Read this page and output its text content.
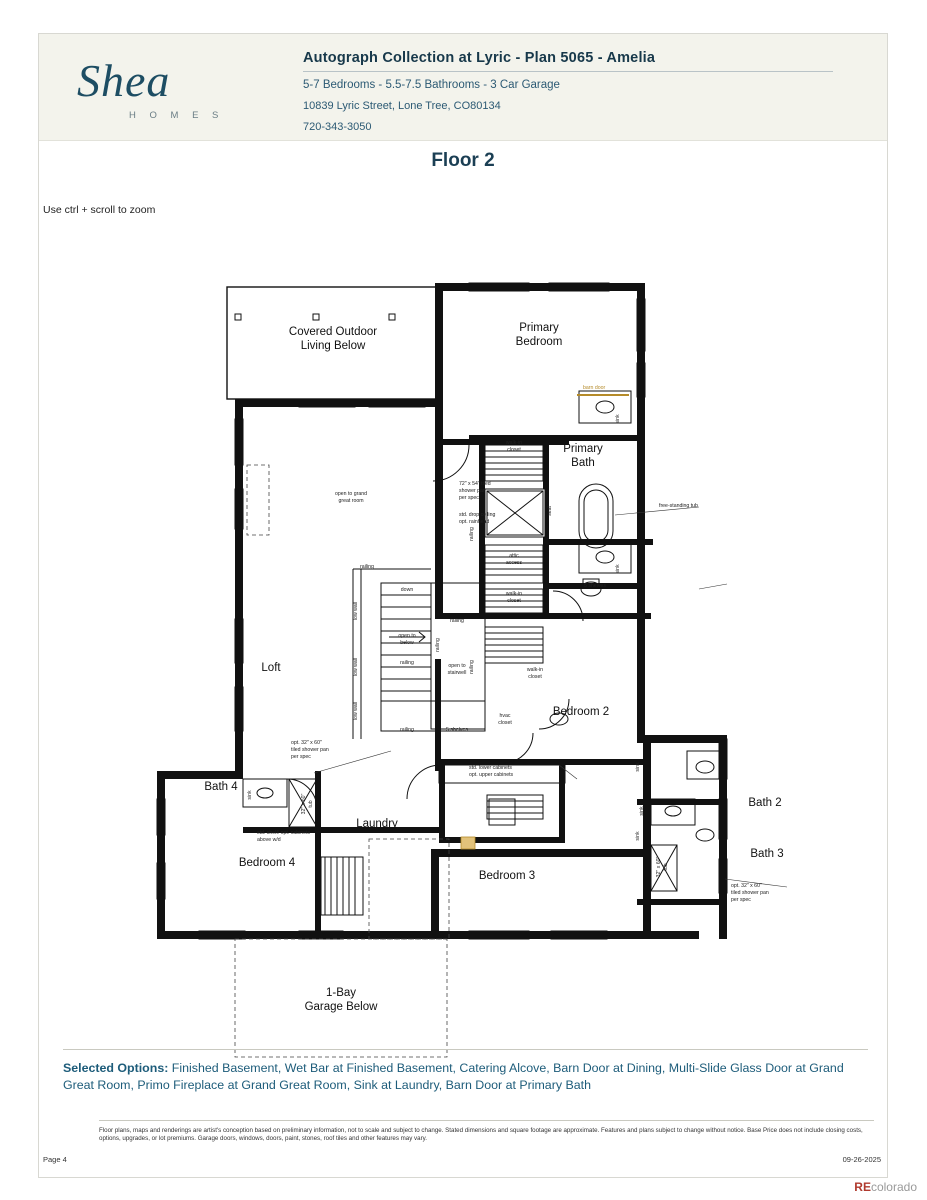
Shea
H O M E S
Autograph Collection at Lyric - Plan 5065 - Amelia
5-7 Bedrooms - 5.5-7.5 Bathrooms - 3 Car Garage
10839 Lyric Street, Lone Tree, CO80134
720-343-3050
Floor 2
Use ctrl + scroll to zoom
Covered Outdoor
Living Below
Primary
Bedroom
Primary
Bath
Loft
Bedroom 2
Bath 4
Bath 2
Bath 3
Laundry
Bedroom 4
Bedroom 3
1-Bay
Garage Below
open to grand
great room
72" x 54" tiled
shower pan
per spec
std. drop ceiling
opt. rainhead
walk-in
closet
seat
free-standing tub
attic
access
walk-in
closet
5 shelves
walk-in
closet
hvac
closet
5 shelves
railing
down
railing
open to
below	railing
open to
stairwell
railing
railing
low wall
low wall
low wall
railing
railing
opt. 32" x 60"
tiled shower pan
per spec
32" x 60" tub
std. shelf/ opt. cabinets
above w/d
std. lower cabinets
opt. upper cabinets
32" x 60" tub
opt. 32" x 60"
tiled shower pan
per spec
barn door
sink
sink
sink
sink
sink
sink
Selected Options: Finished Basement, Wet Bar at Finished Basement, Catering Alcove, Barn Door at Dining, Multi-Slide Glass Door at Grand Great Room, Primo Fireplace at Grand Great Room, Sink at Laundry, Barn Door at Primary Bath
Floor plans, maps and renderings are artist's conception based on preliminary information, not to scale and subject to change. Stated dimensions and square footage are approximate. Features and plans subject to change without notice. Base Price does not include closing costs, options, upgrades, or lot premiums. Garage doors, windows, doors, paint, stones, roof tiles and other features may vary.
Page 4	09-26-2025
REcolorado
